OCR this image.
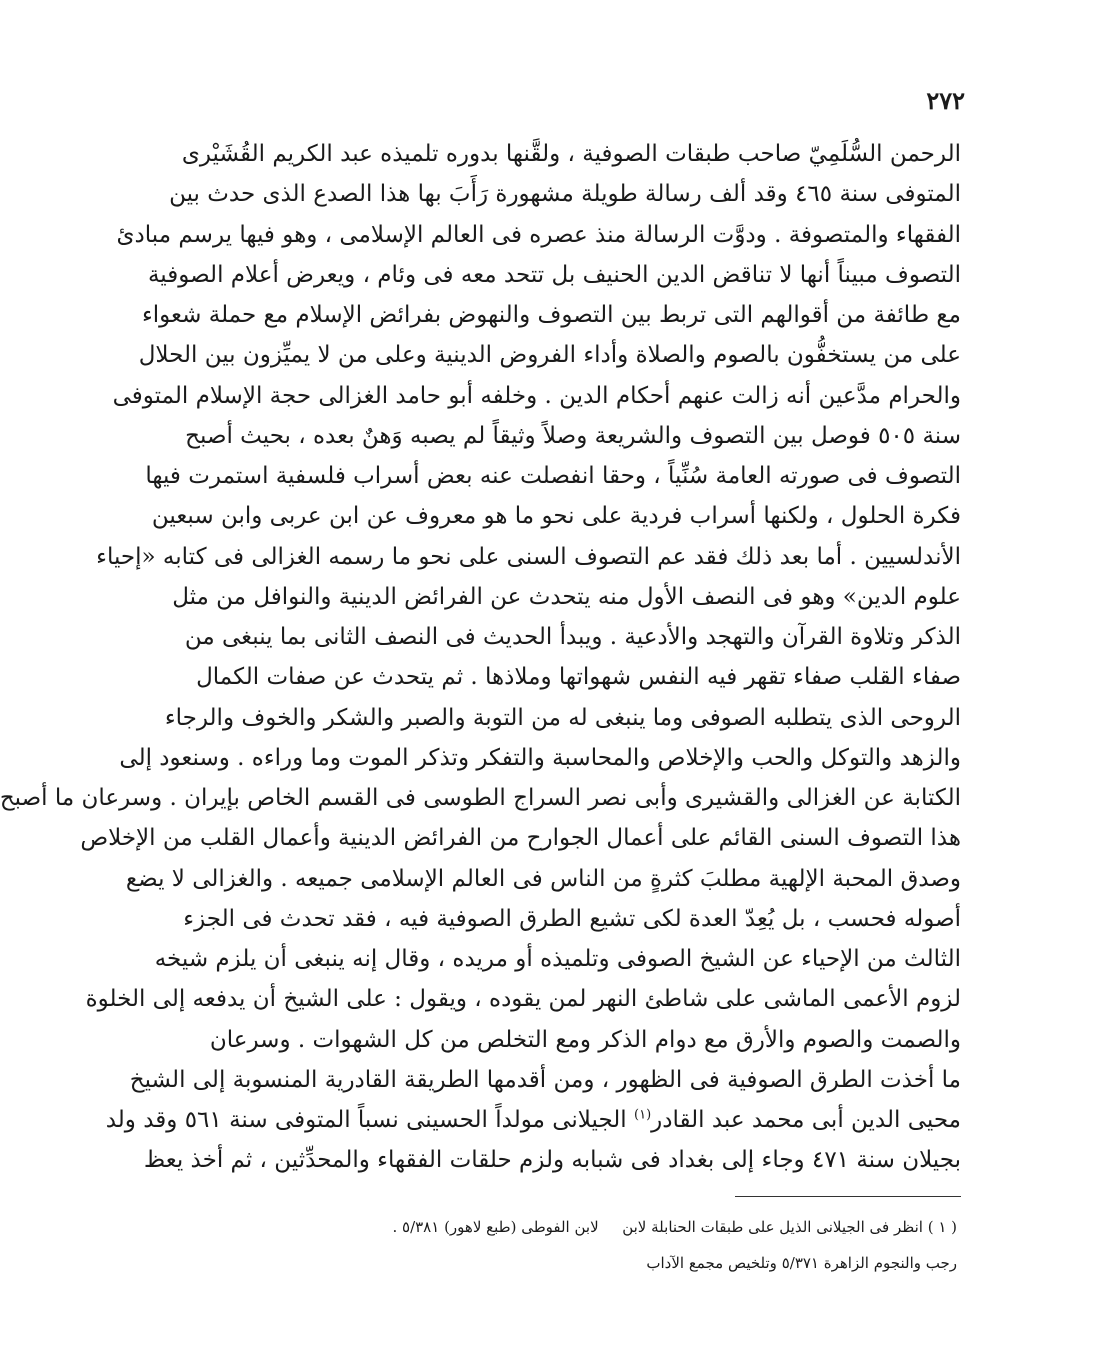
٢٧٢
الرحمن السُّلَمِيّ صاحب طبقات الصوفية ، ولقَّنها بدوره تلميذه عبد الكريم القُشَيْرى
المتوفى سنة ٤٦٥ وقد ألف رسالة طويلة مشهورة رَأَبَ بها هذا الصدع الذى حدث بين
الفقهاء والمتصوفة . ودوَّت الرسالة منذ عصره فى العالم الإسلامى ، وهو فيها يرسم مبادئ
التصوف مبيناً أنها لا تناقض الدين الحنيف بل تتحد معه فى وئام ، ويعرض أعلام الصوفية
مع طائفة من أقوالهم التى تربط بين التصوف والنهوض بفرائض الإسلام مع حملة شعواء
على من يستخفُّون بالصوم والصلاة وأداء الفروض الدينية وعلى من لا يميِّزون بين الحلال
والحرام مدَّعين أنه زالت عنهم أحكام الدين . وخلفه أبو حامد الغزالى حجة الإسلام المتوفى
سنة ٥٠٥ فوصل بين التصوف والشريعة وصلاً وثيقاً لم يصبه وَهنٌ بعده ، بحيث أصبح
التصوف فى صورته العامة سُنِّياً ، وحقا انفصلت عنه بعض أسراب فلسفية استمرت فيها
فكرة الحلول ، ولكنها أسراب فردية على نحو ما هو معروف عن ابن عربى وابن سبعين
الأندلسيين . أما بعد ذلك فقد عم التصوف السنى على نحو ما رسمه الغزالى فى كتابه «إحياء
علوم الدين» وهو فى النصف الأول منه يتحدث عن الفرائض الدينية والنوافل من مثل
الذكر وتلاوة القرآن والتهجد والأدعية . ويبدأ الحديث فى النصف الثانى بما ينبغى من
صفاء القلب صفاء تقهر فيه النفس شهواتها وملاذها . ثم يتحدث عن صفات الكمال
الروحى الذى يتطلبه الصوفى وما ينبغى له من التوبة والصبر والشكر والخوف والرجاء
والزهد والتوكل والحب والإخلاص والمحاسبة والتفكر وتذكر الموت وما وراءه . وسنعود إلى
الكتابة عن الغزالى والقشيرى وأبى نصر السراج الطوسى فى القسم الخاص بإيران . وسرعان ما أصبح
هذا التصوف السنى القائم على أعمال الجوارح من الفرائض الدينية وأعمال القلب من الإخلاص
وصدق المحبة الإلهية مطلبَ كثرةٍ من الناس فى العالم الإسلامى جميعه . والغزالى لا يضع
أصوله فحسب ، بل يُعِدّ العدة لكى تشيع الطرق الصوفية فيه ، فقد تحدث فى الجزء
الثالث من الإحياء عن الشيخ الصوفى وتلميذه أو مريده ، وقال إنه ينبغى أن يلزم شيخه
لزوم الأعمى الماشى على شاطئ النهر لمن يقوده ، ويقول : على الشيخ أن يدفعه إلى الخلوة
والصمت والصوم والأرق مع دوام الذكر ومع التخلص من كل الشهوات . وسرعان
ما أخذت الطرق الصوفية فى الظهور ، ومن أقدمها الطريقة القادرية المنسوبة إلى الشيخ
محيى الدين أبى محمد عبد القادر$^{(١)}$ الجيلانى مولداً الحسينى نسباً المتوفى سنة ٥٦١ وقد ولد
بجيلان سنة ٤٧١ وجاء إلى بغداد فى شبابه ولزم حلقات الفقهاء والمحدِّثين ، ثم أخذ يعظ
( ١ ) انظر فى الجيلانى الذيل على طبقات الحنابلة لابن  لابن الفوطى (طبع لاهور) ٥/٣٨١ .
رجب والنجوم الزاهرة ٥/٣٧١ وتلخيص مجمع الآداب
